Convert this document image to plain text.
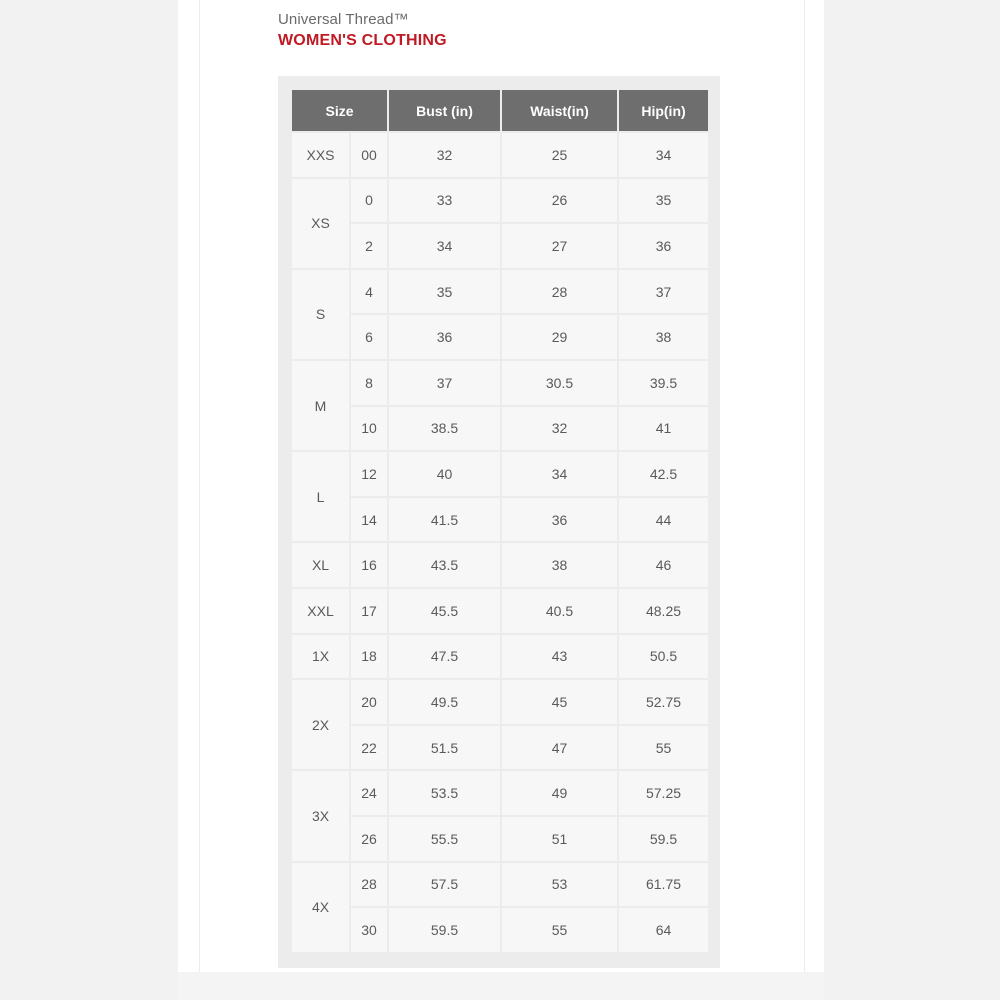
Universal Thread™
WOMEN'S CLOTHING
Size		Bust (in)	Waist(in)	Hip(in)
XXS	00	32	25	34
XS	0	33	26	35
	2	34	27	36
S	4	35	28	37
	6	36	29	38
M	8	37	30.5	39.5
	10	38.5	32	41
L	12	40	34	42.5
	14	41.5	36	44
XL	16	43.5	38	46
XXL	17	45.5	40.5	48.25
1X	18	47.5	43	50.5
2X	20	49.5	45	52.75
	22	51.5	47	55
3X	24	53.5	49	57.25
	26	55.5	51	59.5
4X	28	57.5	53	61.75
	30	59.5	55	64
